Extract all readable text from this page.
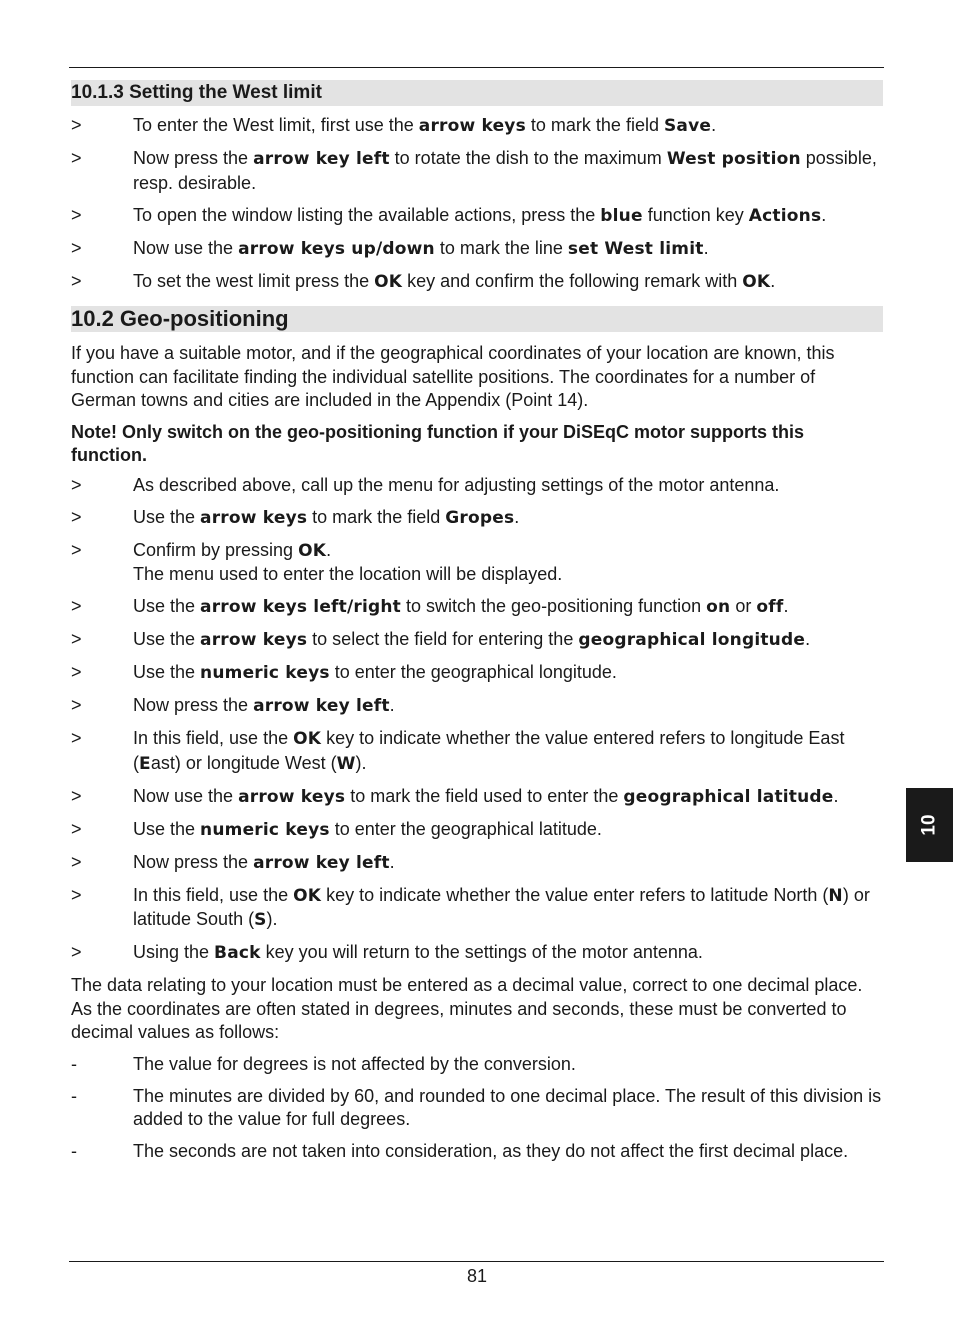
10.1.3 Setting the West limit
>	To enter the West limit, first use the arrow keys to mark the field Save.
>	Now press the arrow key left to rotate the dish to the maximum West position possible, resp. desirable.
>	To open the window listing the available actions, press the blue function key Actions.
>	Now use the arrow keys up/down to mark the line set West limit.
>	To set the west limit press the OK key and confirm the following remark with OK.
10.2 Geo-positioning
If you have a suitable motor, and if the geographical coordinates of your location are known, this function can facilitate finding the individual satellite positions. The coordinates for a number of German towns and cities are included in the Appendix (Point 14).
Note! Only switch on the geo-positioning function if your DiSEqC motor supports this function.
>	As described above, call up the menu for adjusting settings of the motor antenna.
>	Use the arrow keys to mark the field Gropes.
>	Confirm by pressing OK.
The menu used to enter the location will be displayed.
>	Use the arrow keys left/right to switch the geo-positioning function on or off.
>	Use the arrow keys to select the field for entering the geographical longitude.
>	Use the numeric keys to enter the geographical longitude.
>	Now press the arrow key left.
>	In this field, use the OK key to indicate whether the value entered refers to longitude East (East) or longitude West (W).
>	Now use the arrow keys to mark the field used to enter the geographical latitude.
>	Use the numeric keys to enter the geographical latitude.
>	Now press the arrow key left.
>	In this field, use the OK key to indicate whether the value enter refers to latitude North (N) or latitude South (S).
>	Using the Back key you will return to the settings of the motor antenna.
The data relating to your location must be entered as a decimal value, correct to one decimal place. As the coordinates are often stated in degrees, minutes and seconds, these must be converted to decimal values as follows:
-	The value for degrees is not affected by the conversion.
-	The minutes are divided by 60, and rounded to one decimal place. The result of this division is added to the value for full degrees.
-	The seconds are not taken into consideration, as they do not affect the first decimal place.
81
10
